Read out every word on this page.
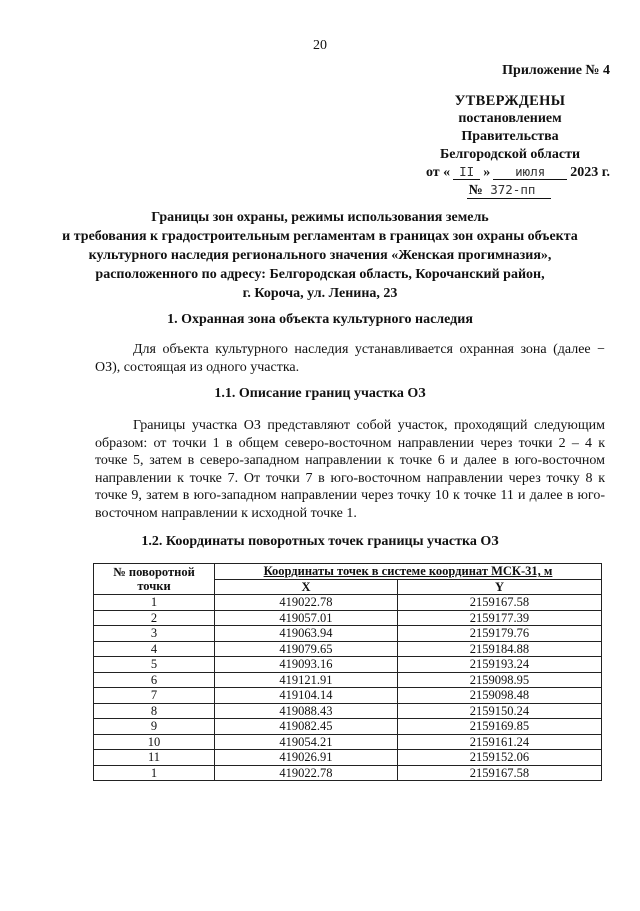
20
Приложение № 4
УТВЕРЖДЕНЫ
постановлением Правительства
Белгородской области
от « II »	июля	2023 г.
№ 372-пп
Границы зон охраны, режимы использования земель
и требования к градостроительным регламентам в границах зон охраны объекта
культурного наследия регионального значения «Женская прогимназия»,
расположенного по адресу: Белгородская область, Корочанский район,
г. Короча, ул. Ленина, 23
1. Охранная зона объекта культурного наследия
Для объекта культурного наследия устанавливается охранная зона (далее − ОЗ), состоящая из одного участка.
1.1. Описание границ участка ОЗ
Границы участка ОЗ представляют собой участок, проходящий следующим образом: от точки 1 в общем северо-восточном направлении через точки 2 – 4 к точке 5, затем в северо-западном направлении к точке 6 и далее в юго-восточном направлении к точке 7. От точки 7 в юго-восточном направлении через точку 8 к точке 9, затем в юго-западном направлении через точку 10 к точке 11 и далее в юго-восточном направлении к исходной точке 1.
1.2. Координаты поворотных точек границы участка ОЗ
№ поворотной
точки	Координаты точек в системе координат МСК-31, м	
	X	Y
1	419022.78	2159167.58
2	419057.01	2159177.39
3	419063.94	2159179.76
4	419079.65	2159184.88
5	419093.16	2159193.24
6	419121.91	2159098.95
7	419104.14	2159098.48
8	419088.43	2159150.24
9	419082.45	2159169.85
10	419054.21	2159161.24
11	419026.91	2159152.06
1	419022.78	2159167.58
